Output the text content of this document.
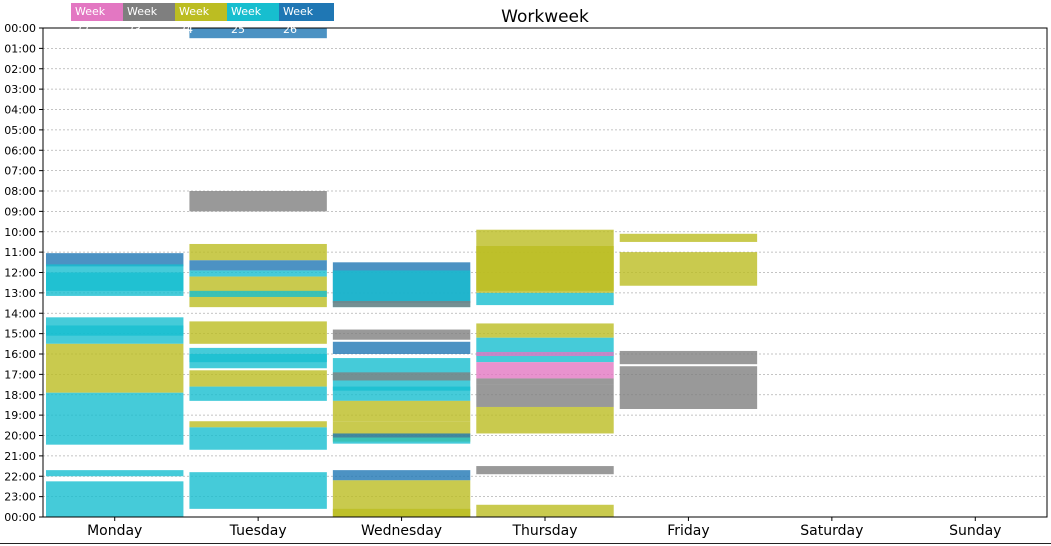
Workweek
00:00
01:00
02:00
03:00
04:00
05:00
06:00
07:00
08:00
09:00
10:00
11:00
12:00
13:00
14:00
15:00
16:00
17:00
18:00
19:00
20:00
21:00
22:00
23:00
00:00
Monday	Tuesday	Wednesday	Thursday	Friday	Saturday	Sunday
Week 22
Week 23
Week 24
Week 25
Week 26
